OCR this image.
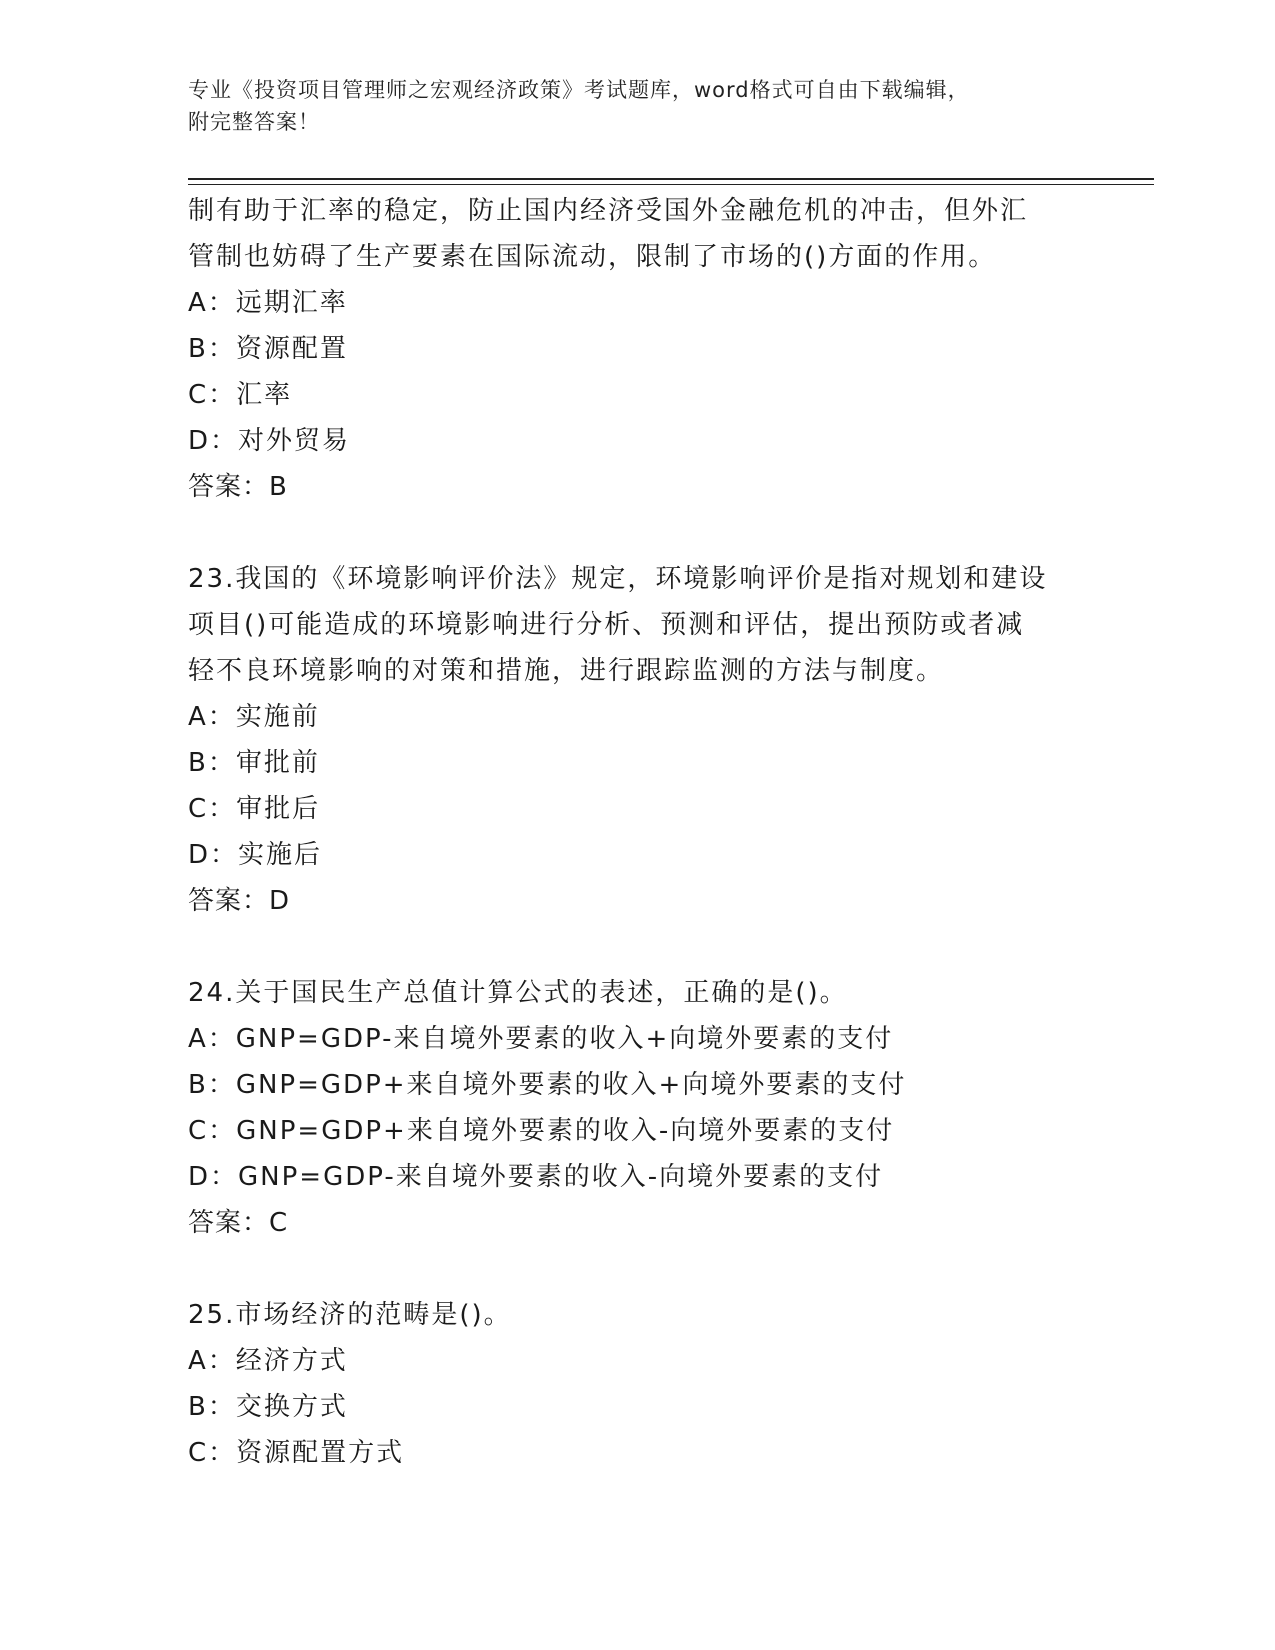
专业《投资项目管理师之宏观经济政策》考试题库，word格式可自由下载编辑，
附完整答案！
制有助于汇率的稳定，防止国内经济受国外金融危机的冲击，但外汇
管制也妨碍了生产要素在国际流动，限制了市场的()方面的作用。
A：远期汇率
B：资源配置
C：汇率
D：对外贸易
答案：B
23.我国的《环境影响评价法》规定，环境影响评价是指对规划和建设
项目()可能造成的环境影响进行分析、预测和评估，提出预防或者减
轻不良环境影响的对策和措施，进行跟踪监测的方法与制度。
A：实施前
B：审批前
C：审批后
D：实施后
答案：D
24.关于国民生产总值计算公式的表述，正确的是()。
A：GNP=GDP-来自境外要素的收入+向境外要素的支付
B：GNP=GDP+来自境外要素的收入+向境外要素的支付
C：GNP=GDP+来自境外要素的收入-向境外要素的支付
D：GNP=GDP-来自境外要素的收入-向境外要素的支付
答案：C
25.市场经济的范畴是()。
A：经济方式
B：交换方式
C：资源配置方式
